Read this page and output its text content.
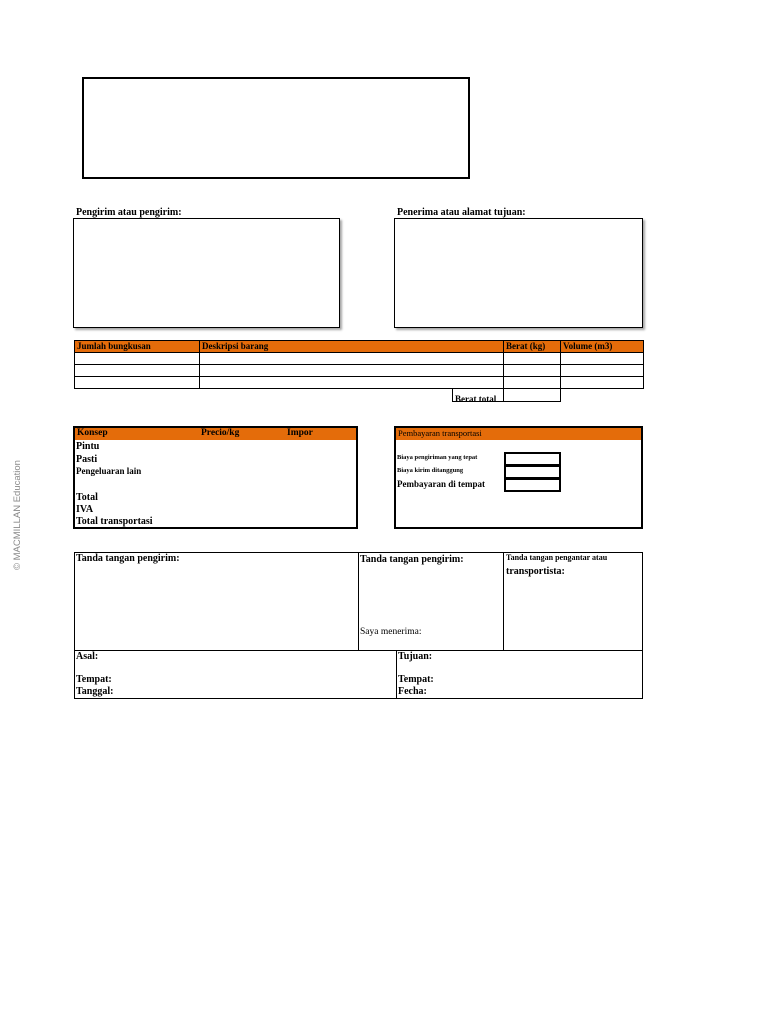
Pengirim atau pengirim:	Penerima atau alamat tujuan:
Jumlah bungkusan	Deskripsi barang	Berat (kg)	Volume (m3)

Berat total
Konsep	Precio/kg	Impor
Pintu
Pasti
Pengeluaran lain
Total
IVA
Total transportasi
Pembayaran transportasi
Biaya pengiriman yang tepat
Biaya kirim ditanggung
Pembayaran di tempat
Tanda tangan pengirim:	Tanda tangan pengirim:
Saya menerima:
Tanda tangan pengantar atau
transportista:
Asal:
Tempat:
Tanggal:
Tujuan:
Tempat:
Fecha:
© MACMILLAN Education
